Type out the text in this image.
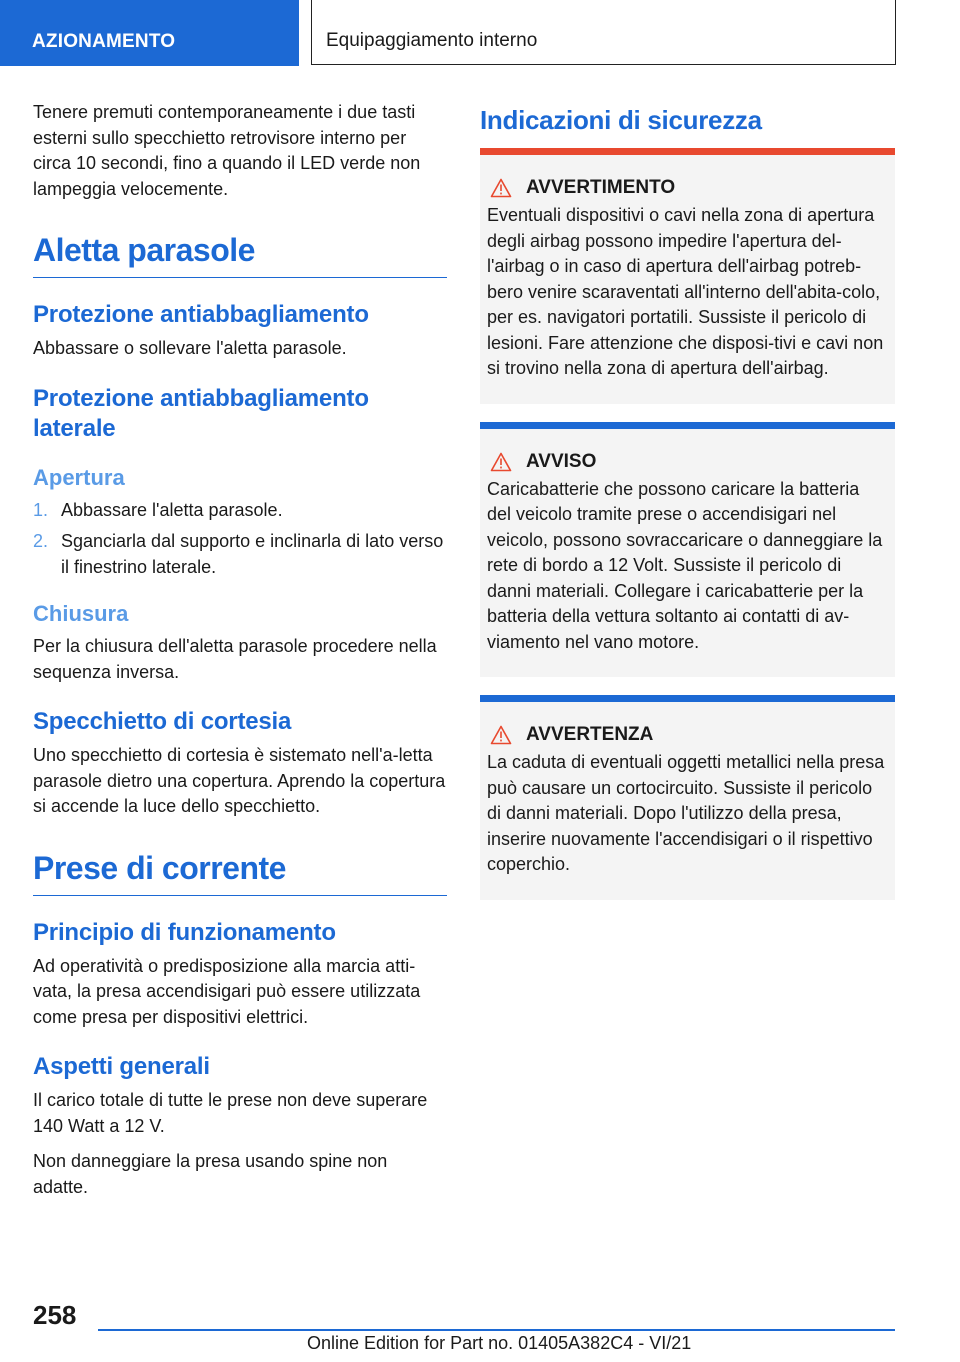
AZIONAMENTO	Equipaggiamento interno

Tenere premuti contemporaneamente i due tasti esterni sullo specchietto retrovisore interno per circa 10 secondi, fino a quando il LED verde non lampeggia velocemente.

Aletta parasole
Protezione antiabbagliamento

Abbassare o sollevare l'aletta parasole.

Protezione antiabbagliamento laterale
Apertura
1. Abbassare l'aletta parasole.
2. Sganciarla dal supporto e inclinarla di lato verso il finestrino laterale.
Chiusura

Per la chiusura dell'aletta parasole procedere nella sequenza inversa.

Specchietto di cortesia

Uno specchietto di cortesia è sistemato nell'a-letta parasole dietro una copertura. Aprendo la copertura si accende la luce dello specchietto.

Prese di corrente
Principio di funzionamento

Ad operatività o predisposizione alla marcia atti-vata, la presa accendisigari può essere utilizzata come presa per dispositivi elettrici.

Aspetti generali

Il carico totale di tutte le prese non deve superare 140 Watt a 12 V.

Non danneggiare la presa usando spine non adatte.

Indicazioni di sicurezza
AVVERTIMENTO

Eventuali dispositivi o cavi nella zona di apertura degli airbag possono impedire l'apertura del-l'airbag o in caso di apertura dell'airbag potreb-bero venire scaraventati all'interno dell'abita-colo, per es. navigatori portatili. Sussiste il pericolo di lesioni. Fare attenzione che disposi-tivi e cavi non si trovino nella zona di apertura dell'airbag.

AVVISO

Caricabatterie che possono caricare la batteria del veicolo tramite prese o accendisigari nel veicolo, possono sovraccaricare o danneggiare la rete di bordo a 12 Volt. Sussiste il pericolo di danni materiali. Collegare i caricabatterie per la batteria della vettura soltanto ai contatti di av-viamento nel vano motore.

AVVERTENZA

La caduta di eventuali oggetti metallici nella presa può causare un cortocircuito. Sussiste il pericolo di danni materiali. Dopo l'utilizzo della presa, inserire nuovamente l'accendisigari o il rispettivo coperchio.

258
Online Edition for Part no. 01405A382C4 - VI/21
